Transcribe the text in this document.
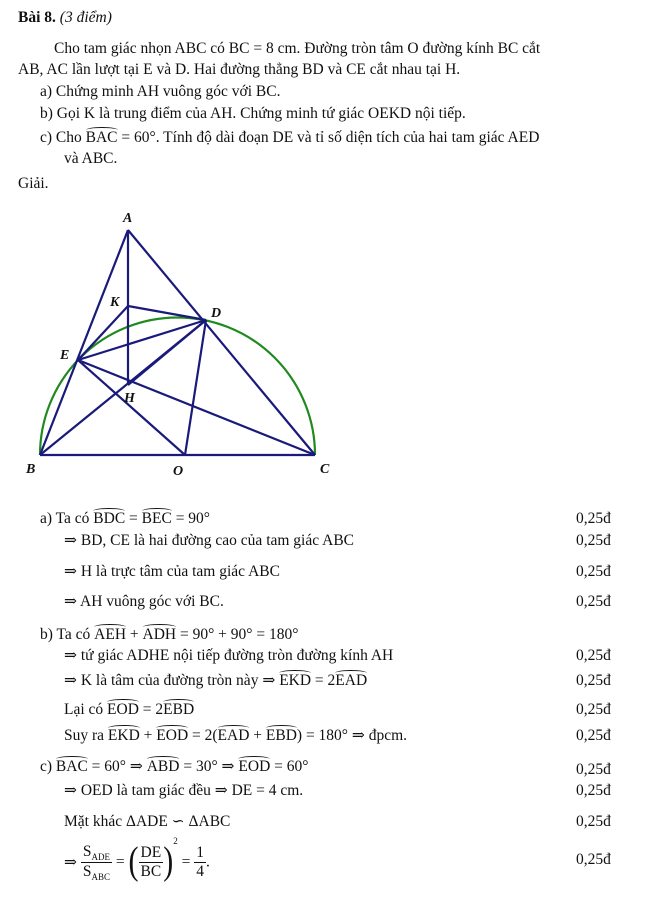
Bài 8. (3 điểm)
Cho tam giác nhọn ABC có BC = 8 cm. Đường tròn tâm O đường kính BC cắt
AB, AC lần lượt tại E và D. Hai đường thẳng BD và CE cắt nhau tại H.
a) Chứng minh AH vuông góc với BC.
b) Gọi K là trung điểm của AH. Chứng minh tứ giác OEKD nội tiếp.
c) Cho BAC = 60°. Tính độ dài đoạn DE và tỉ số diện tích của hai tam giác AED
và ABC.
Giải.
A
K
D
E
H
B	O	C
a) Ta có BDC = BEC = 90°
⇒ BD, CE là hai đường cao của tam giác ABC
⇒ H là trực tâm của tam giác ABC
⇒ AH vuông góc với BC.
b) Ta có AEH + ADH = 90° + 90° = 180°
⇒ tứ giác ADHE nội tiếp đường tròn đường kính AH
⇒ K là tâm của đường tròn này ⇒ EKD = 2EAD
Lại có EOD = 2EBD
Suy ra EKD + EOD = 2(EAD + EBD) = 180° ⇒ đpcm.
c) BAC = 60° ⇒ ABD = 30° ⇒ EOD = 60°
⇒ OED là tam giác đều ⇒ DE = 4 cm.
Mặt khác ΔADE ∽ ΔABC
⇒ $\frac{S_{ADE}}{S_{ABC}}$ = ( $\frac{DE}{BC} )^2 = \frac{1}{4}$ .
0,25đ
0,25đ
0,25đ
0,25đ
0,25đ
0,25đ
0,25đ
0,25đ
0,25đ
0,25đ
0,25đ
0,25đ
